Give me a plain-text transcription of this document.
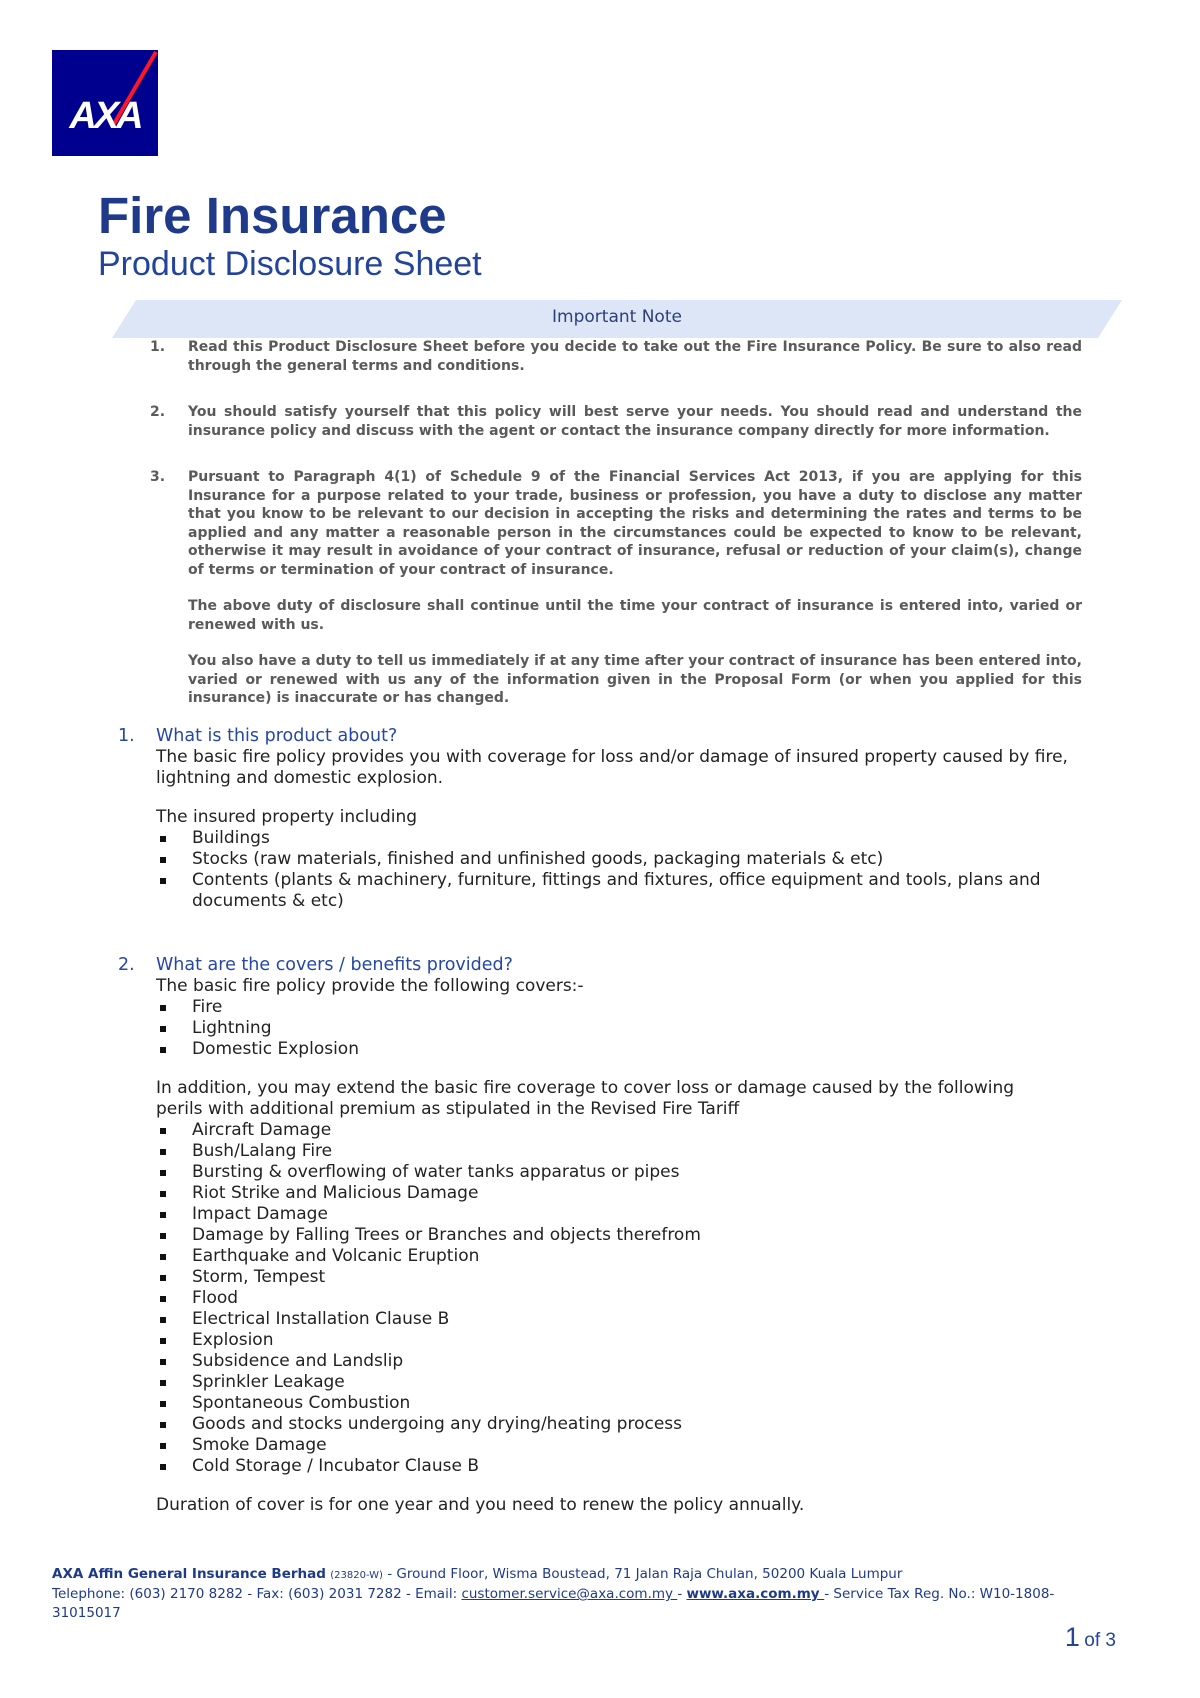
AXA
Fire Insurance
Product Disclosure Sheet
Important Note
1. Read this Product Disclosure Sheet before you decide to take out the Fire Insurance Policy. Be sure to also read through the general terms and conditions.
2. You should satisfy yourself that this policy will best serve your needs. You should read and understand the insurance policy and discuss with the agent or contact the insurance company directly for more information.
3. Pursuant to Paragraph 4(1) of Schedule 9 of the Financial Services Act 2013, if you are applying for this Insurance for a purpose related to your trade, business or profession, you have a duty to disclose any matter that you know to be relevant to our decision in accepting the risks and determining the rates and terms to be applied and any matter a reasonable person in the circumstances could be expected to know to be relevant, otherwise it may result in avoidance of your contract of insurance, refusal or reduction of your claim(s), change of terms or termination of your contract of insurance.
The above duty of disclosure shall continue until the time your contract of insurance is entered into, varied or renewed with us.
You also have a duty to tell us immediately if at any time after your contract of insurance has been entered into, varied or renewed with us any of the information given in the Proposal Form (or when you applied for this insurance) is inaccurate or has changed.
1. What is this product about?

The basic fire policy provides you with coverage for loss and/or damage of insured property caused by fire, lightning and domestic explosion.

The insured property including

Buildings
Stocks (raw materials, finished and unfinished goods, packaging materials & etc)
Contents (plants & machinery, furniture, fittings and fixtures, office equipment and tools, plans and documents & etc)
2. What are the covers / benefits provided?

The basic fire policy provide the following covers:-

Fire
Lightning
Domestic Explosion

In addition, you may extend the basic fire coverage to cover loss or damage caused by the following perils with additional premium as stipulated in the Revised Fire Tariff

Aircraft Damage
Bush/Lalang Fire
Bursting & overflowing of water tanks apparatus or pipes
Riot Strike and Malicious Damage
Impact Damage
Damage by Falling Trees or Branches and objects therefrom
Earthquake and Volcanic Eruption
Storm, Tempest
Flood
Electrical Installation Clause B
Explosion
Subsidence and Landslip
Sprinkler Leakage
Spontaneous Combustion
Goods and stocks undergoing any drying/heating process
Smoke Damage
Cold Storage / Incubator Clause B

Duration of cover is for one year and you need to renew the policy annually.

AXA Affin General Insurance Berhad (23820-W) - Ground Floor, Wisma Boustead, 71 Jalan Raja Chulan, 50200 Kuala Lumpur
Telephone: (603) 2170 8282 - Fax: (603) 2031 7282 - Email: customer.service@axa.com.my - www.axa.com.my - Service Tax Reg. No.: W10-1808-31015017
1 of 3
